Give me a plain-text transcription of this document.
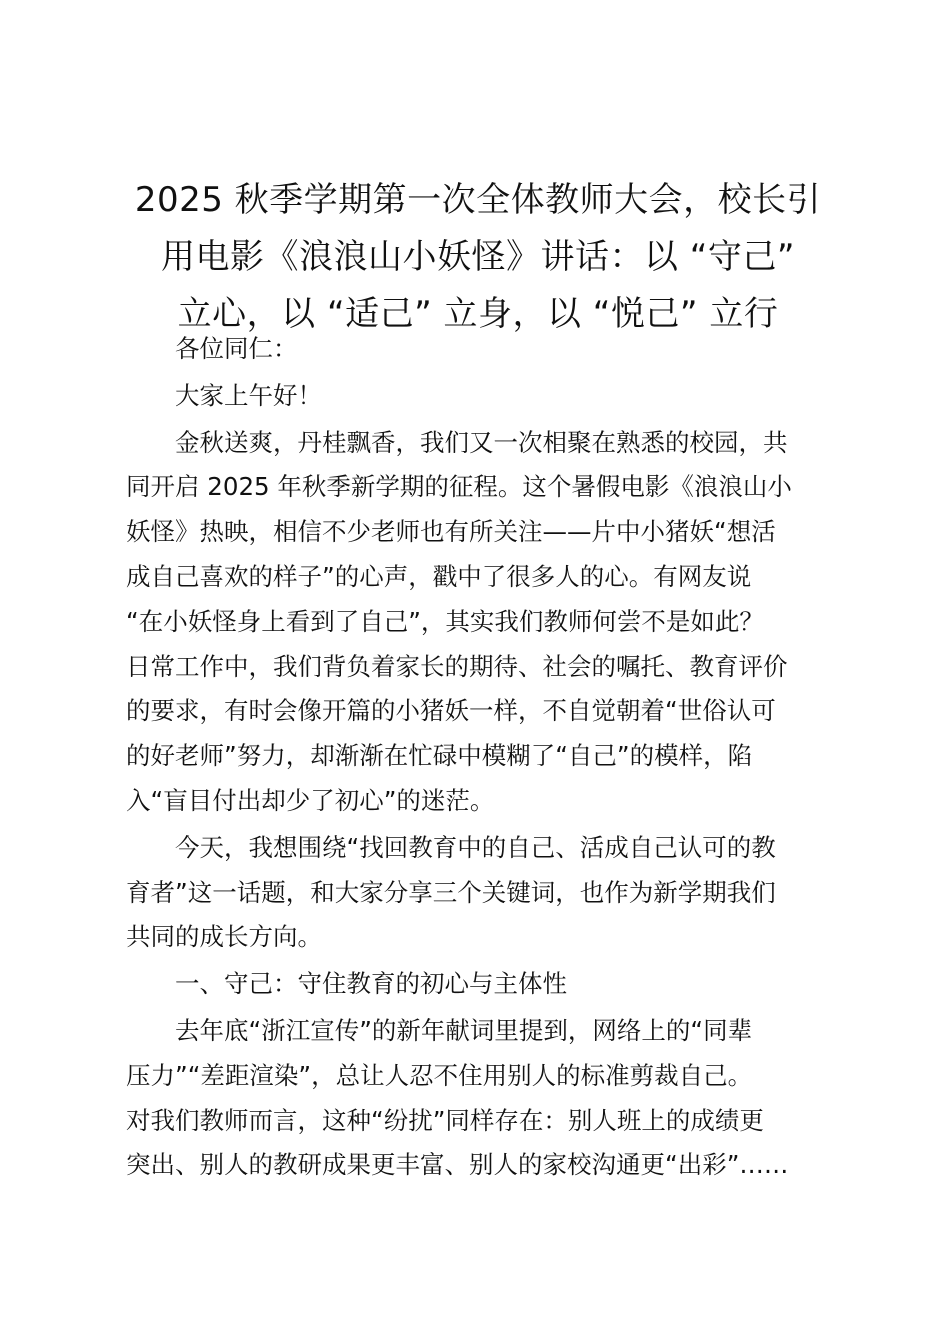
2025 秋季学期第一次全体教师大会，校长引
用电影《浪浪山小妖怪》讲话：以 “守己”
立心，以 “适己” 立身，以 “悦己” 立行

各位同仁：

大家上午好！

金秋送爽，丹桂飘香，我们又一次相聚在熟悉的校园，共
同开启 2025 年秋季新学期的征程。这个暑假电影《浪浪山小
妖怪》热映，相信不少老师也有所关注——片中小猪妖“想活
成自己喜欢的样子”的心声，戳中了很多人的心。有网友说
“在小妖怪身上看到了自己”，其实我们教师何尝不是如此？
日常工作中，我们背负着家长的期待、社会的嘱托、教育评价
的要求，有时会像开篇的小猪妖一样，不自觉朝着“世俗认可
的好老师”努力，却渐渐在忙碌中模糊了“自己”的模样，陷
入“盲目付出却少了初心”的迷茫。

今天，我想围绕“找回教育中的自己、活成自己认可的教
育者”这一话题，和大家分享三个关键词，也作为新学期我们
共同的成长方向。

一、守己：守住教育的初心与主体性

去年底“浙江宣传”的新年献词里提到，网络上的“同辈
压力”“差距渲染”，总让人忍不住用别人的标准剪裁自己。
对我们教师而言，这种“纷扰”同样存在：别人班上的成绩更
突出、别人的教研成果更丰富、别人的家校沟通更“出彩”……
